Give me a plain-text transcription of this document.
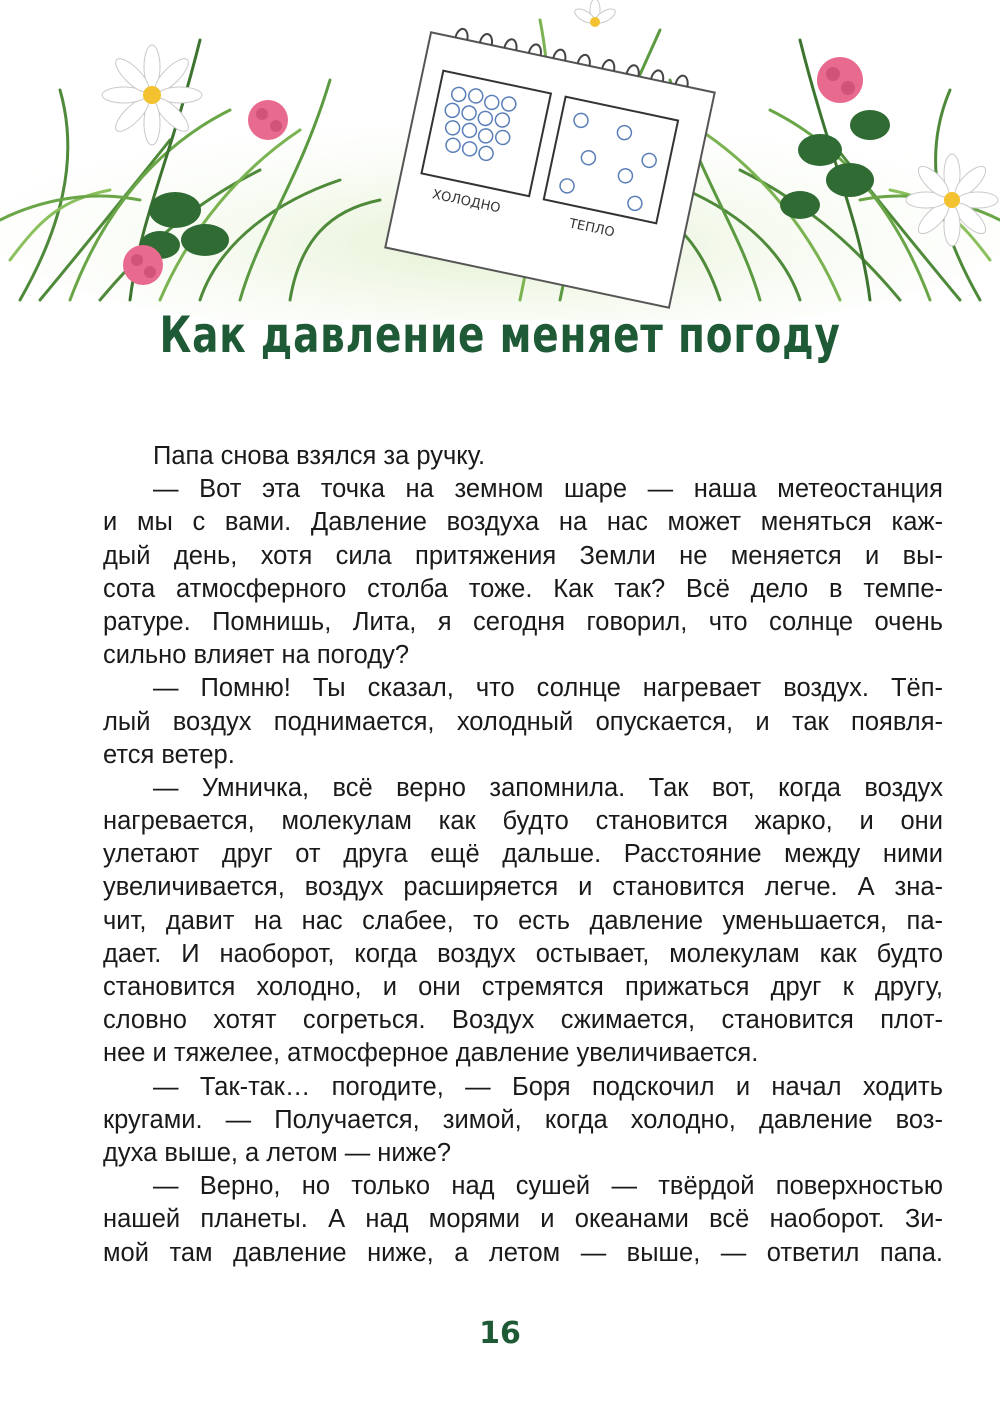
ХОЛОДНО
ТЕПЛО
Как давление меняет погоду
Папа снова взялся за ручку.
— Вот эта точка на земном шаре — наша метеостанция
и мы с вами. Давление воздуха на нас может меняться каж-
дый день, хотя сила притяжения Земли не меняется и вы-
сота атмосферного столба тоже. Как так? Всё дело в темпе-
ратуре. Помнишь, Лита, я сегодня говорил, что солнце очень
сильно влияет на погоду?
— Помню! Ты сказал, что солнце нагревает воздух. Тёп-
лый воздух поднимается, холодный опускается, и так появля-
ется ветер.
— Умничка, всё верно запомнила. Так вот, когда воздух
нагревается, молекулам как будто становится жарко, и они
улетают друг от друга ещё дальше. Расстояние между ними
увеличивается, воздух расширяется и становится легче. А зна-
чит, давит на нас слабее, то есть давление уменьшается, па-
дает. И наоборот, когда воздух остывает, молекулам как будто
становится холодно, и они стремятся прижаться друг к другу,
словно хотят согреться. Воздух сжимается, становится плот-
нее и тяжелее, атмосферное давление увеличивается.
— Так-так… погодите, — Боря подскочил и начал ходить
кругами. — Получается, зимой, когда холодно, давление воз-
духа выше, а летом — ниже?
— Верно, но только над сушей — твёрдой поверхностью
нашей планеты. А над морями и океанами всё наоборот. Зи-
мой там давление ниже, а летом — выше, — ответил папа.
16
